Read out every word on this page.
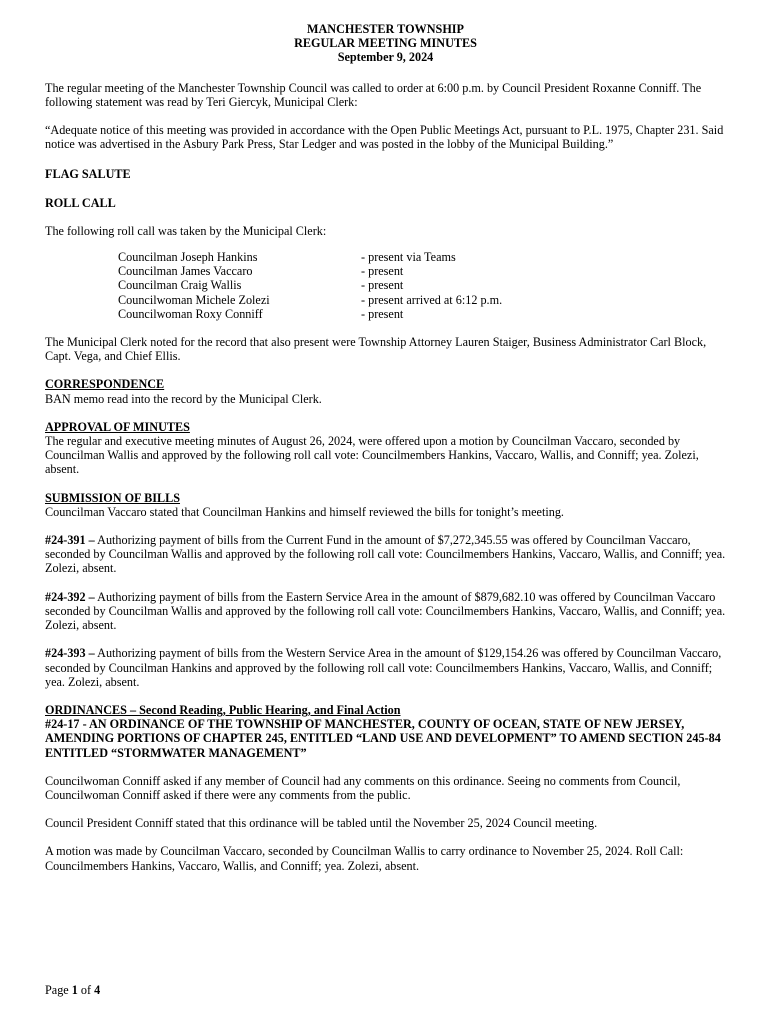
MANCHESTER TOWNSHIP
REGULAR MEETING MINUTES
September 9, 2024

The regular meeting of the Manchester Township Council was called to order at 6:00 p.m. by Council President Roxanne Conniff. The following statement was read by Teri Giercyk, Municipal Clerk:

“Adequate notice of this meeting was provided in accordance with the Open Public Meetings Act, pursuant to P.L. 1975, Chapter 231. Said notice was advertised in the Asbury Park Press, Star Ledger and was posted in the lobby of the Municipal Building.”

FLAG SALUTE

ROLL CALL

The following roll call was taken by the Municipal Clerk:

Councilman Joseph Hankins	- present via Teams
Councilman James Vaccaro	- present
Councilman Craig Wallis	- present
Councilwoman Michele Zolezi	- present arrived at 6:12 p.m.
Councilwoman Roxy Conniff	- present

The Municipal Clerk noted for the record that also present were Township Attorney Lauren Staiger, Business Administrator Carl Block, Capt. Vega, and Chief Ellis.

CORRESPONDENCE
BAN memo read into the record by the Municipal Clerk.
APPROVAL OF MINUTES
The regular and executive meeting minutes of August 26, 2024, were offered upon a motion by Councilman Vaccaro, seconded by Councilman Wallis and approved by the following roll call vote: Councilmembers Hankins, Vaccaro, Wallis, and Conniff; yea. Zolezi, absent.
SUBMISSION OF BILLS
Councilman Vaccaro stated that Councilman Hankins and himself reviewed the bills for tonight’s meeting.

#24-391 – Authorizing payment of bills from the Current Fund in the amount of $7,272,345.55 was offered by Councilman Vaccaro, seconded by Councilman Wallis and approved by the following roll call vote: Councilmembers Hankins, Vaccaro, Wallis, and Conniff; yea. Zolezi, absent.

#24-392 – Authorizing payment of bills from the Eastern Service Area in the amount of $879,682.10 was offered by Councilman Vaccaro seconded by Councilman Wallis and approved by the following roll call vote: Councilmembers Hankins, Vaccaro, Wallis, and Conniff; yea. Zolezi, absent.

#24-393 – Authorizing payment of bills from the Western Service Area in the amount of $129,154.26 was offered by Councilman Vaccaro, seconded by Councilman Hankins and approved by the following roll call vote: Councilmembers Hankins, Vaccaro, Wallis, and Conniff; yea. Zolezi, absent.

ORDINANCES – Second Reading, Public Hearing, and Final Action
#24-17 - AN ORDINANCE OF THE TOWNSHIP OF MANCHESTER, COUNTY OF OCEAN, STATE OF NEW JERSEY, AMENDING PORTIONS OF CHAPTER 245, ENTITLED “LAND USE AND DEVELOPMENT” TO AMEND SECTION 245-84 ENTITLED “STORMWATER MANAGEMENT”

Councilwoman Conniff asked if any member of Council had any comments on this ordinance. Seeing no comments from Council, Councilwoman Conniff asked if there were any comments from the public.

Council President Conniff stated that this ordinance will be tabled until the November 25, 2024 Council meeting.

A motion was made by Councilman Vaccaro, seconded by Councilman Wallis to carry ordinance to November 25, 2024. Roll Call: Councilmembers Hankins, Vaccaro, Wallis, and Conniff; yea. Zolezi, absent.

Page 1 of 4
